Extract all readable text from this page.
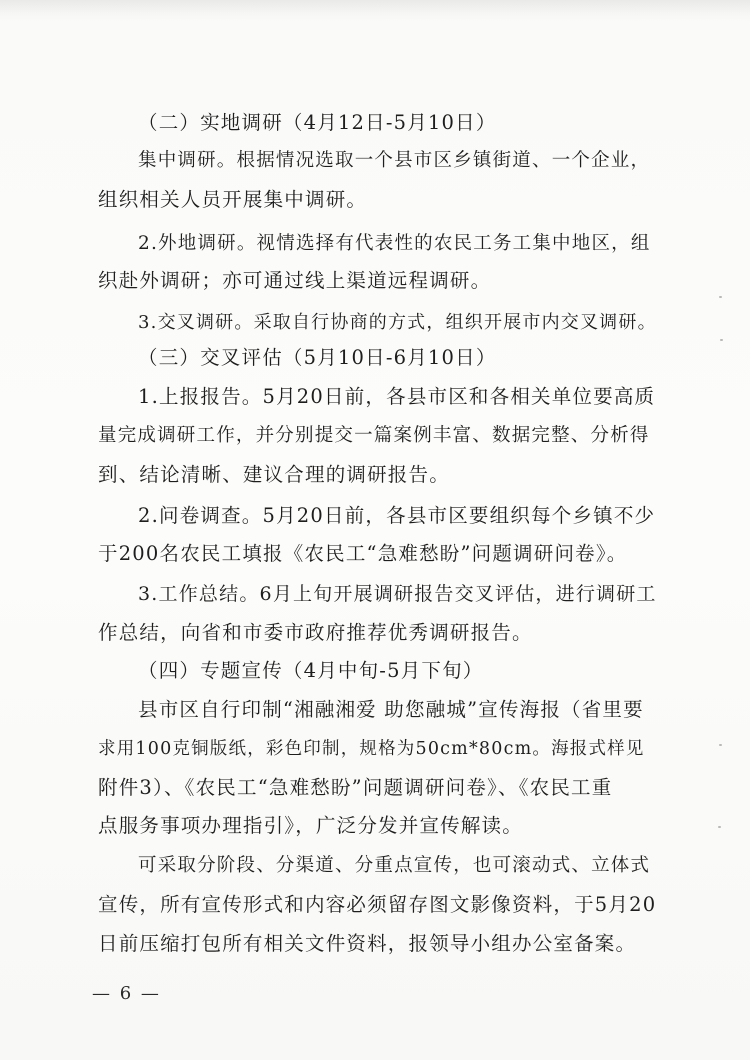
（二）实地调研（4月12日-5月10日）
集中调研。根据情况选取一个县市区乡镇街道、一个企业，
组织相关人员开展集中调研。
2.外地调研。视情选择有代表性的农民工务工集中地区，组
织赴外调研；亦可通过线上渠道远程调研。
3.交叉调研。采取自行协商的方式，组织开展市内交叉调研。
（三）交叉评估（5月10日-6月10日）
1.上报报告。5月20日前，各县市区和各相关单位要高质
量完成调研工作，并分别提交一篇案例丰富、数据完整、分析得
到、结论清晰、建议合理的调研报告。
2.问卷调查。5月20日前，各县市区要组织每个乡镇不少
于200名农民工填报《农民工“急难愁盼”问题调研问卷》。
3.工作总结。6月上旬开展调研报告交叉评估，进行调研工
作总结，向省和市委市政府推荐优秀调研报告。
（四）专题宣传（4月中旬-5月下旬）
县市区自行印制“湘融湘爱 助您融城”宣传海报（省里要
求用100克铜版纸，彩色印制，规格为50cm*80cm。海报式样见
附件3）、《农民工“急难愁盼”问题调研问卷》、《农民工重
点服务事项办理指引》，广泛分发并宣传解读。
可采取分阶段、分渠道、分重点宣传，也可滚动式、立体式
宣传，所有宣传形式和内容必须留存图文影像资料，于5月20
日前压缩打包所有相关文件资料，报领导小组办公室备案。
— 6 —
